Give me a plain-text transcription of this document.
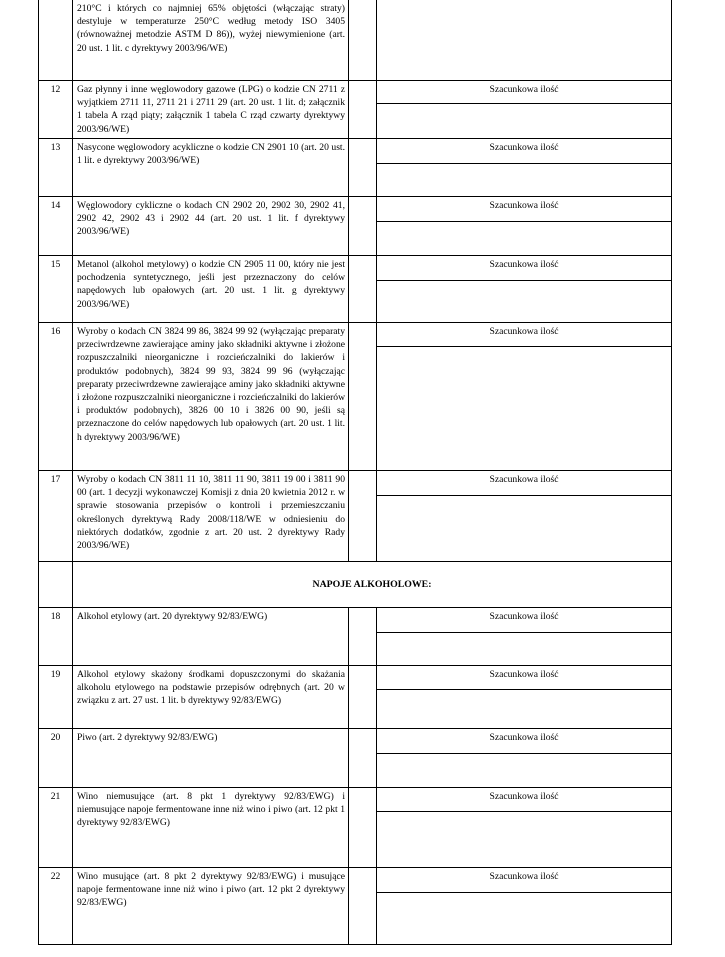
	210°C i których co najmniej 65% objętości (włączając straty) destyluje w temperaturze 250°C według metody ISO 3405 (równoważnej metodzie ASTM D 86)), wyżej niewymienione (art. 20 ust. 1 lit. c dyrektywy 2003/96/WE)		

12	Gaz płynny i inne węglowodory gazowe (LPG) o kodzie CN 2711 z wyjątkiem 2711 11, 2711 21 i 2711 29 (art. 20 ust. 1 lit. d; załącznik 1 tabela A rząd piąty; załącznik 1 tabela C rząd czwarty dyrektywy 2003/96/WE)		Szacunkowa ilość

13	Nasycone węglowodory acykliczne o kodzie CN 2901 10 (art. 20 ust. 1 lit. e dyrektywy 2003/96/WE)		Szacunkowa ilość

14	Węglowodory cykliczne o kodach CN 2902 20, 2902 30, 2902 41, 2902 42, 2902 43 i 2902 44 (art. 20 ust. 1 lit. f dyrektywy 2003/96/WE)		Szacunkowa ilość

15	Metanol (alkohol metylowy) o kodzie CN 2905 11 00, który nie jest pochodzenia syntetycznego, jeśli jest przeznaczony do celów napędowych lub opałowych (art. 20 ust. 1 lit. g dyrektywy 2003/96/WE)		Szacunkowa ilość

16	Wyroby o kodach CN 3824 99 86, 3824 99 92 (wyłączając preparaty przeciwrdzewne zawierające aminy jako składniki aktywne i złożone rozpuszczalniki nieorganiczne i rozcieńczalniki do lakierów i produktów podobnych), 3824 99 93, 3824 99 96 (wyłączając preparaty przeciwrdzewne zawierające aminy jako składniki aktywne i złożone rozpuszczalniki nieorganiczne i rozcieńczalniki do lakierów i produktów podobnych), 3826 00 10 i 3826 00 90, jeśli są przeznaczone do celów napędowych lub opałowych (art. 20 ust. 1 lit. h dyrektywy 2003/96/WE)		Szacunkowa ilość

17	Wyroby o kodach CN 3811 11 10, 3811 11 90, 3811 19 00 i 3811 90 00 (art. 1 decyzji wykonawczej Komisji z dnia 20 kwietnia 2012 r. w sprawie stosowania przepisów o kontroli i przemieszczaniu określonych dyrektywą Rady 2008/118/WE w odniesieniu do niektórych dodatków, zgodnie z art. 20 ust. 2 dyrektywy Rady 2003/96/WE)		Szacunkowa ilość

	NAPOJE ALKOHOLOWE:		
18	Alkohol etylowy (art. 20 dyrektywy 92/83/EWG)		Szacunkowa ilość

19	Alkohol etylowy skażony środkami dopuszczonymi do skażania alkoholu etylowego na podstawie przepisów odrębnych (art. 20 w związku z art. 27 ust. 1 lit. b dyrektywy 92/83/EWG)		Szacunkowa ilość

20	Piwo (art. 2 dyrektywy 92/83/EWG)		Szacunkowa ilość

21	Wino niemusujące (art. 8 pkt 1 dyrektywy 92/83/EWG) i niemusujące napoje fermentowane inne niż wino i piwo (art. 12 pkt 1 dyrektywy 92/83/EWG)		Szacunkowa ilość

22	Wino musujące (art. 8 pkt 2 dyrektywy 92/83/EWG) i musujące napoje fermentowane inne niż wino i piwo (art. 12 pkt 2 dyrektywy 92/83/EWG)		Szacunkowa ilość
